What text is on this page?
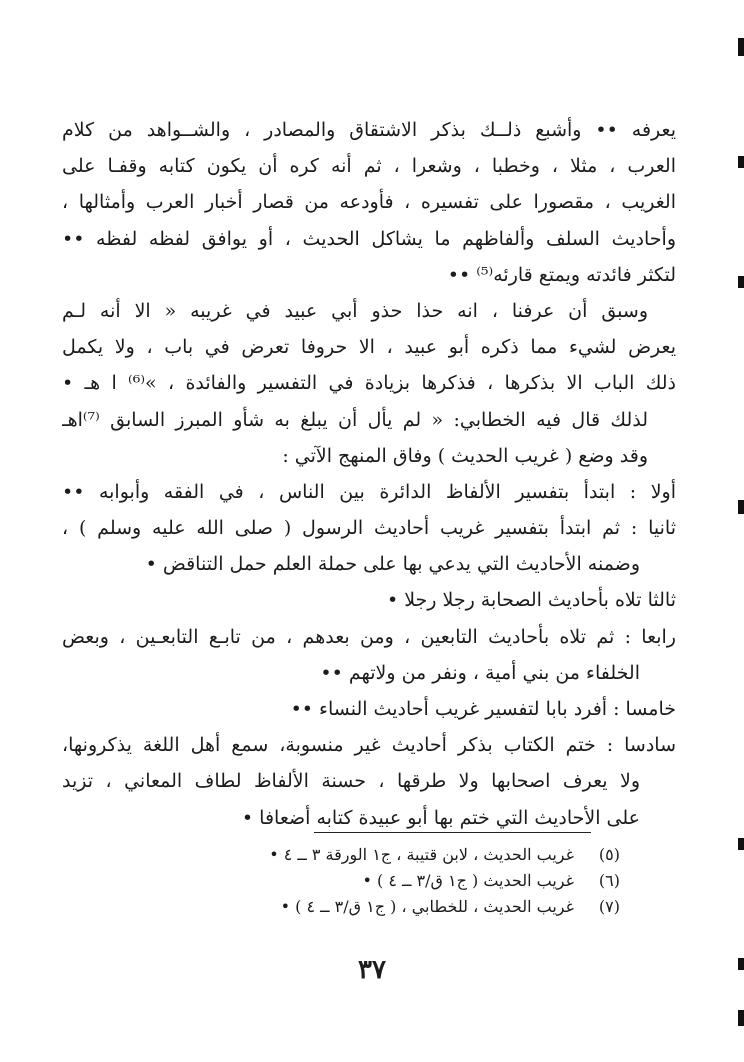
يعرفه •• وأشبع ذلــك بذكر الاشتقاق والمصادر ، والشــواهد من كلام
العرب ، مثلا ، وخطبا ، وشعرا ، ثم أنه كره أن يكون كتابه وقفـا على
الغريب ، مقصورا على تفسيره ، فأودعه من قصار أخبار العرب وأمثالها ،
وأحاديث السلف وألفاظهم ما يشاكل الحديث ، أو يوافق لفظه لفظه ••
لتكثر فائدته ويمتع قارئه⁽⁵⁾ ••
وسبق أن عرفنا ، انه حذا حذو أبي عبيد في غريبه « الا أنه لـم
يعرض لشيء مما ذكره أبو عبيد ، الا حروفا تعرض في باب ، ولا يكمل
ذلك الباب الا بذكرها ، فذكرها بزيادة في التفسير والفائدة ، »⁽⁶⁾ ا هـ •
لذلك قال فيه الخطابي: « لم يأل أن يبلغ به شأو المبرز السابق ⁽⁷⁾اهـ
وقد وضع ( غريب الحديث ) وفاق المنهج الآتي :
أولا : ابتدأ بتفسير الألفاظ الدائرة بين الناس ، في الفقه وأبوابه ••
ثانيا : ثم ابتدأ بتفسير غريب أحاديث الرسول ( صلى الله عليه وسلم ) ،
وضمنه الأحاديث التي يدعي بها على حملة العلم حمل التناقض •
ثالثا تلاه بأحاديث الصحابة رجلا رجلا •
رابعا : ثم تلاه بأحاديث التابعين ، ومن بعدهم ، من تابـع التابعـين ، وبعض
الخلفاء من بني أمية ، ونفر من ولاتهم ••
خامسا : أفرد بابا لتفسير غريب أحاديث النساء ••
سادسا : ختم الكتاب بذكر أحاديث غير منسوبة، سمع أهل اللغة يذكرونها،
ولا يعرف اصحابها ولا طرقها ، حسنة الألفاظ لطاف المعاني ، تزيد
على الأحاديث التي ختم بها أبو عبيدة كتابه أضعافا •
(٥)غريب الحديث ، لابن قتيبة ، ج١ الورقة ٣ ــ ٤ •
(٦)غريب الحديث ( ج١ ق/٣ ــ ٤ ) •
(٧)غريب الحديث ، للخطابي ، ( ج١ ق/٣ ــ ٤ ) •
٣٧
